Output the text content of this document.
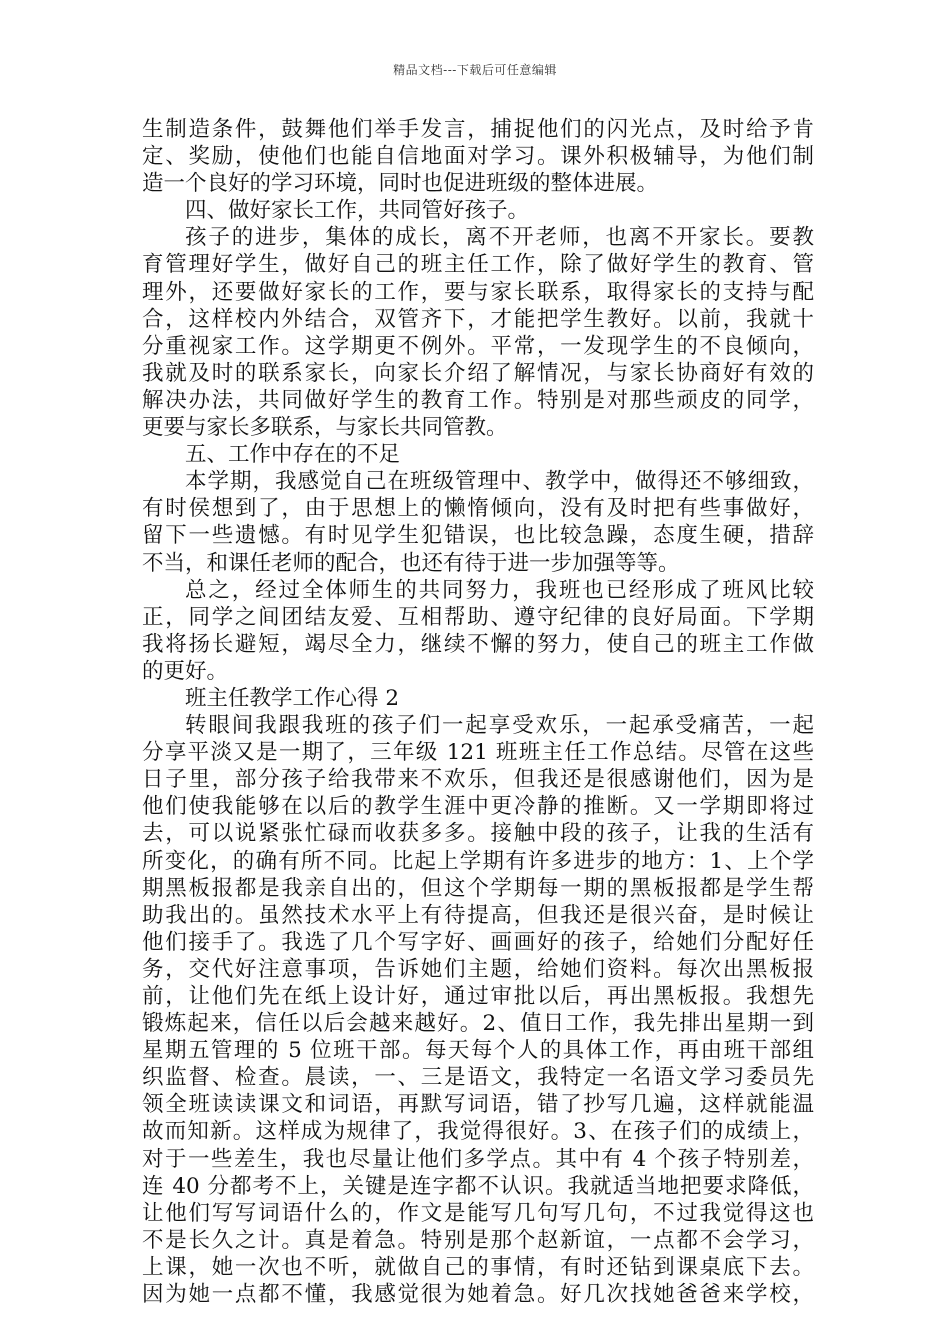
精品文档---下载后可任意编辑
生制造条件，鼓舞他们举手发言，捕捉他们的闪光点，及时给予肯
定、奖励，使他们也能自信地面对学习。课外积极辅导，为他们制
造一个良好的学习环境，同时也促进班级的整体进展。
四、做好家长工作，共同管好孩子。
孩子的进步，集体的成长，离不开老师，也离不开家长。要教
育管理好学生，做好自己的班主任工作，除了做好学生的教育、管
理外，还要做好家长的工作，要与家长联系，取得家长的支持与配
合，这样校内外结合，双管齐下，才能把学生教好。以前，我就十
分重视家工作。这学期更不例外。平常，一发现学生的不良倾向，
我就及时的联系家长，向家长介绍了解情况，与家长协商好有效的
解决办法，共同做好学生的教育工作。特别是对那些顽皮的同学，
更要与家长多联系，与家长共同管教。
五、工作中存在的不足
本学期，我感觉自己在班级管理中、教学中，做得还不够细致，
有时侯想到了，由于思想上的懒惰倾向，没有及时把有些事做好，
留下一些遗憾。有时见学生犯错误，也比较急躁，态度生硬，措辞
不当，和课任老师的配合，也还有待于进一步加强等等。
总之，经过全体师生的共同努力，我班也已经形成了班风比较
正，同学之间团结友爱、互相帮助、遵守纪律的良好局面。下学期
我将扬长避短，竭尽全力，继续不懈的努力，使自己的班主工作做
的更好。
班主任教学工作心得 2
转眼间我跟我班的孩子们一起享受欢乐，一起承受痛苦，一起
分享平淡又是一期了，三年级 121 班班主任工作总结。尽管在这些
日子里，部分孩子给我带来不欢乐，但我还是很感谢他们，因为是
他们使我能够在以后的教学生涯中更冷静的推断。又一学期即将过
去，可以说紧张忙碌而收获多多。接触中段的孩子，让我的生活有
所变化，的确有所不同。比起上学期有许多进步的地方：1、上个学
期黑板报都是我亲自出的，但这个学期每一期的黑板报都是学生帮
助我出的。虽然技术水平上有待提高，但我还是很兴奋，是时候让
他们接手了。我选了几个写字好、画画好的孩子，给她们分配好任
务，交代好注意事项，告诉她们主题，给她们资料。每次出黑板报
前，让他们先在纸上设计好，通过审批以后，再出黑板报。我想先
锻炼起来，信任以后会越来越好。2、值日工作，我先排出星期一到
星期五管理的 5 位班干部。每天每个人的具体工作，再由班干部组
织监督、检查。晨读，一、三是语文，我特定一名语文学习委员先
领全班读读课文和词语，再默写词语，错了抄写几遍，这样就能温
故而知新。这样成为规律了，我觉得很好。3、在孩子们的成绩上，
对于一些差生，我也尽量让他们多学点。其中有 4 个孩子特别差，
连 40 分都考不上，关键是连字都不认识。我就适当地把要求降低，
让他们写写词语什么的，作文是能写几句写几句，不过我觉得这也
不是长久之计。真是着急。特别是那个赵新谊，一点都不会学习，
上课，她一次也不听，就做自己的事情，有时还钻到课桌底下去。
因为她一点都不懂，我感觉很为她着急。好几次找她爸爸来学校，
